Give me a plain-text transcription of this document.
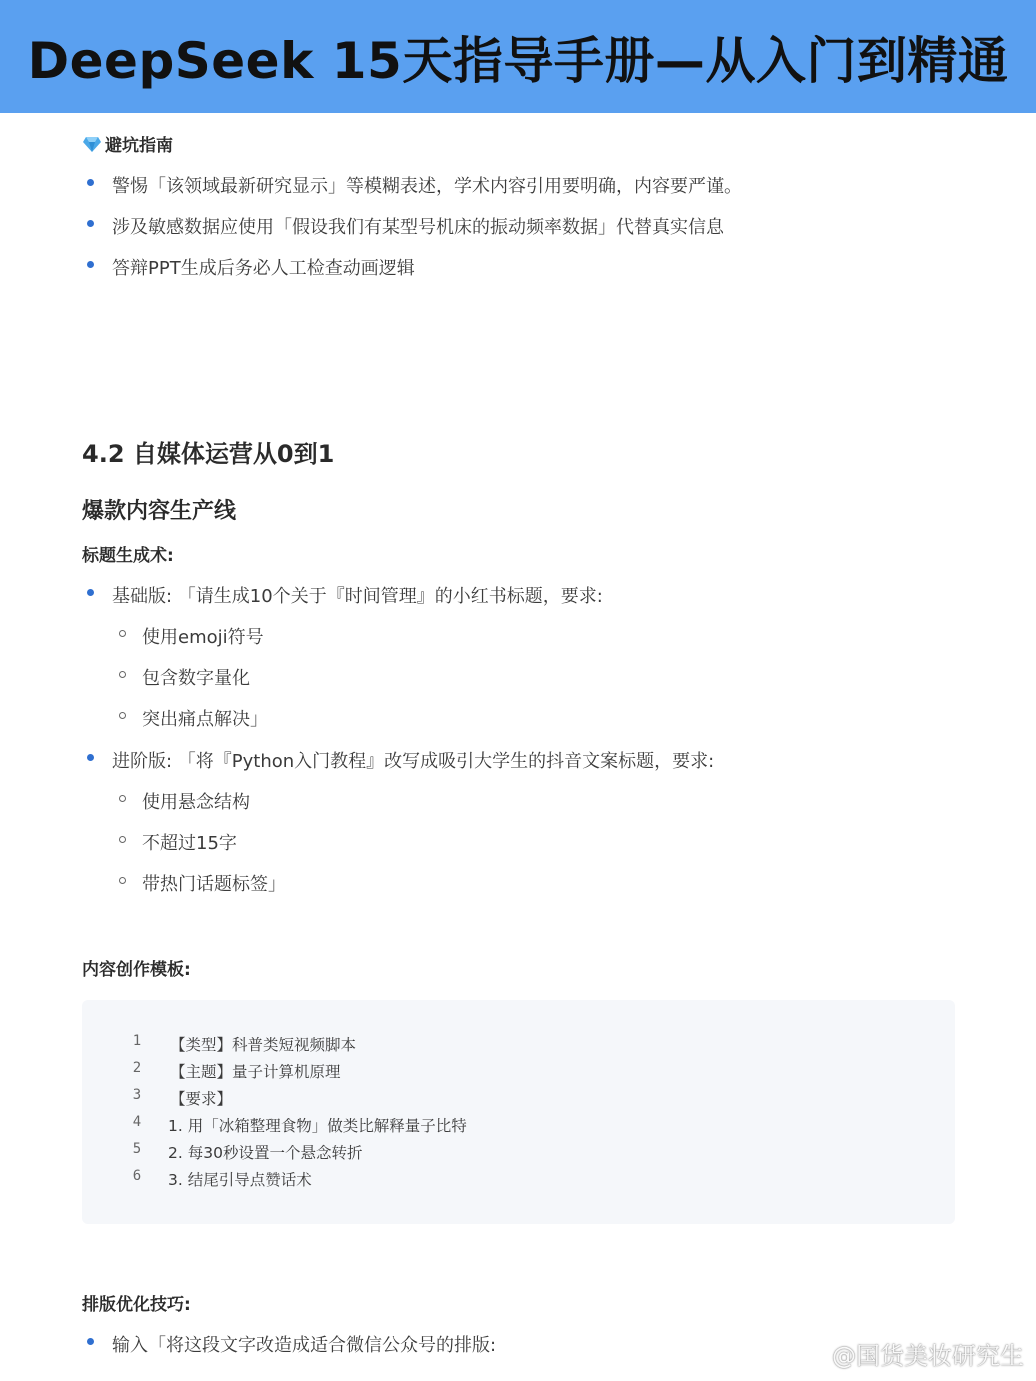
DeepSeek 15天指导手册—从入门到精通
避坑指南
警惕「该领域最新研究显示」等模糊表述，学术内容引用要明确，内容要严谨。
涉及敏感数据应使用「假设我们有某型号机床的振动频率数据」代替真实信息
答辩PPT生成后务必人工检查动画逻辑
4.2 自媒体运营从0到1
爆款内容生产线
标题生成术:
基础版: 「请生成10个关于『时间管理』的小红书标题，要求:
使用emoji符号
包含数字量化
突出痛点解决」
进阶版: 「将『Python入门教程』改写成吸引大学生的抖音文案标题，要求:
使用悬念结构
不超过15字
带热门话题标签」
内容创作模板:
1 【类型】科普类短视频脚本
2 【主题】量子计算机原理
3 【要求】
4 1. 用「冰箱整理食物」做类比解释量子比特
5 2. 每30秒设置一个悬念转折
6 3. 结尾引导点赞话术
排版优化技巧:
输入「将这段文字改造成适合微信公众号的排版:	@国货美妆研究生
